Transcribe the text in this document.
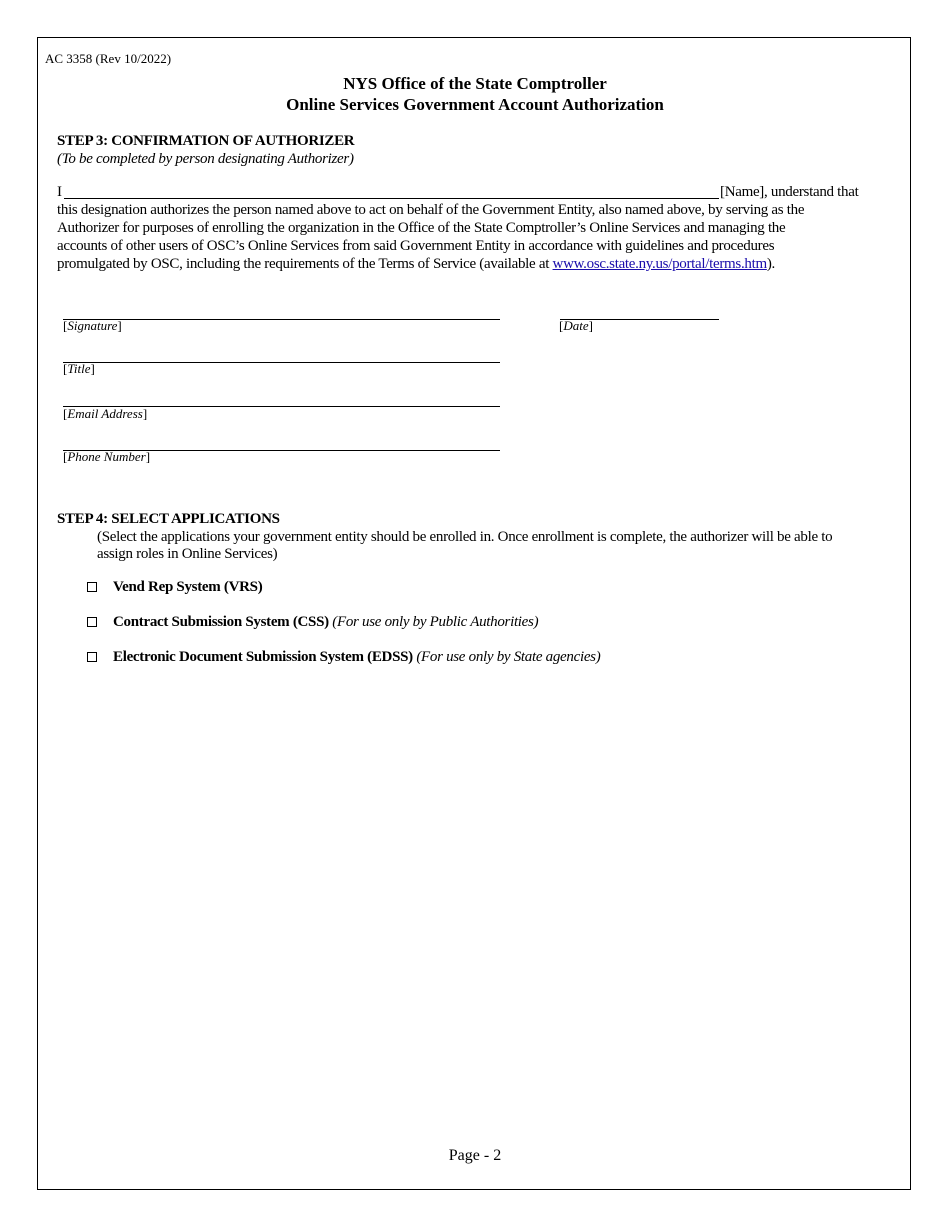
AC 3358 (Rev 10/2022)
NYS Office of the State Comptroller
Online Services Government Account Authorization
STEP 3: CONFIRMATION OF AUTHORIZER
(To be completed by person designating Authorizer)
I	[Name], understand that
this designation authorizes the person named above to act on behalf of the Government Entity, also named above, by serving as the
Authorizer for purposes of enrolling the organization in the Office of the State Comptroller’s Online Services and managing the
accounts of other users of OSC’s Online Services from said Government Entity in accordance with guidelines and procedures
promulgated by OSC, including the requirements of the Terms of Service (available at www.osc.state.ny.us/portal/terms.htm).
[Signature]	[Date]
[Title]
[Email Address]
[Phone Number]
STEP 4: SELECT APPLICATIONS
(Select the applications your government entity should be enrolled in. Once enrollment is complete, the authorizer will be able to
assign roles in Online Services)
Vend Rep System (VRS)
Contract Submission System (CSS) (For use only by Public Authorities)
Electronic Document Submission System (EDSS) (For use only by State agencies)
Page - 2
